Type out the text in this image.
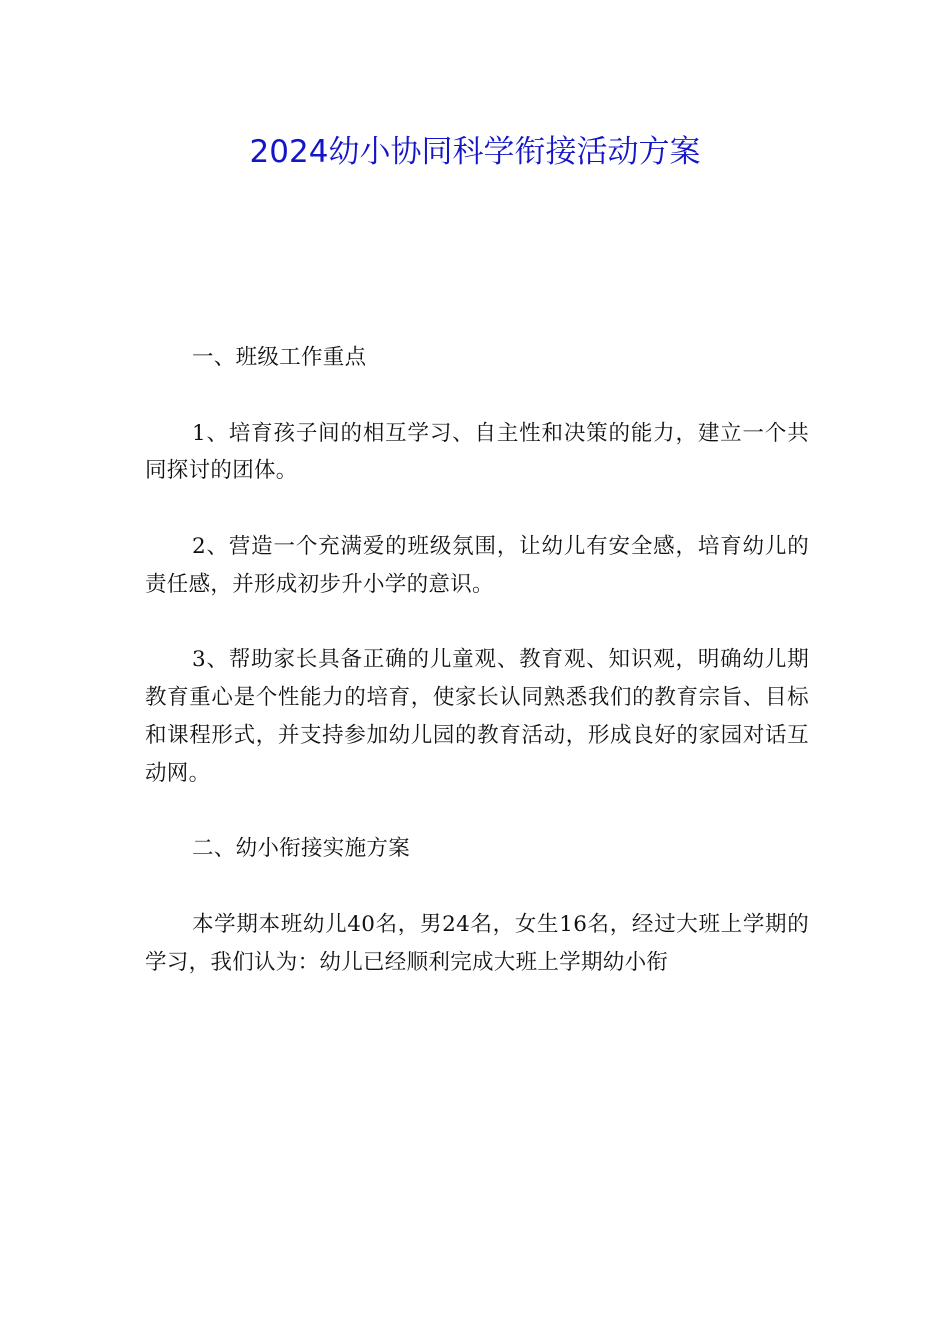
2024幼小协同科学衔接活动方案

一、班级工作重点

1、培育孩子间的相互学习、自主性和决策的能力，建立一个共同探讨的团体。

2、营造一个充满爱的班级氛围，让幼儿有安全感，培育幼儿的责任感，并形成初步升小学的意识。

3、帮助家长具备正确的儿童观、教育观、知识观，明确幼儿期教育重心是个性能力的培育，使家长认同熟悉我们的教育宗旨、目标和课程形式，并支持参加幼儿园的教育活动，形成良好的家园对话互动网。

二、幼小衔接实施方案

本学期本班幼儿40名，男24名，女生16名，经过大班上学期的学习，我们认为：幼儿已经顺利完成大班上学期幼小衔
